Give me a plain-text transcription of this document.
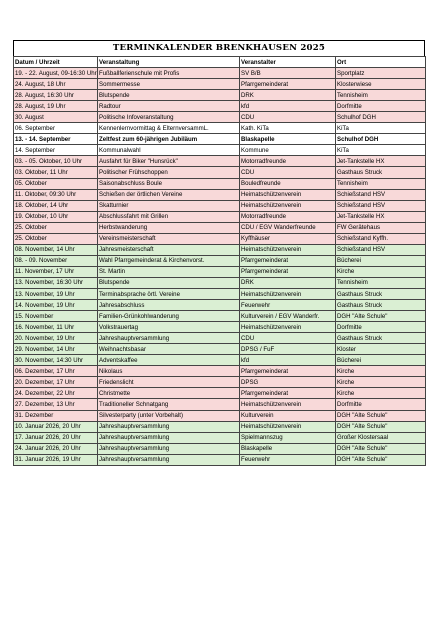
TERMINKALENDER BRENKHAUSEN 2025
Datum / Uhrzeit	Veranstaltung	Veranstalter	Ort
19. - 22. August, 09-16:30 Uhr	Fußballferienschule mit Profis	SV B/B	Sportplatz
24. August, 18 Uhr	Sommermesse	Pfarrgemeinderat	Klosterwiese
28. August, 16:30 Uhr	Blutspende	DRK	Tennisheim
28. August, 19 Uhr	Radtour	kfd	Dorfmitte
30. August	Politische Infoveranstaltung	CDU	Schulhof DGH
06. September	Kennenlernvormittag & ElternversammL.	Kath. KiTa	KiTa
13. - 14. September	Zeltfest zum 60-jährigen Jubiläum	Blaskapelle	Schulhof DGH
14. September	Kommunalwahl	Kommune	KiTa
03. - 05. Oktober, 10 Uhr	Ausfahrt für Biker "Hunsrück"	Motorradfreunde	Jet-Tankstelle HX
03. Oktober, 11 Uhr	Politischer Frühschoppen	CDU	Gasthaus Struck
05. Oktober	Saisonabschluss Boule	Bouledfreunde	Tennisheim
11. Oktober, 09:30 Uhr	Schießen der örtlichen Vereine	Heimatschützenverein	Schießstand HSV
18. Oktober, 14 Uhr	Skatturnier	Heimatschützenverein	Schießstand HSV
19. Oktober, 10 Uhr	Abschlussfahrt mit Grillen	Motorradfreunde	Jet-Tankstelle HX
25. Oktober	Herbstwanderung	CDU / EGV Wanderfreunde	FW Gerätehaus
25. Oktober	Vereinsmeisterschaft	Kyffhäuser	Schießstand Kyffh.
08. November, 14 Uhr	Jahresmeisterschaft	Heimatschützenverein	Schießstand HSV
08. - 09. November	Wahl Pfarrgemeinderat & Kirchenvorst.	Pfarrgemeinderat	Bücherei
11. November, 17 Uhr	St. Martin	Pfarrgemeinderat	Kirche
13. November, 16:30 Uhr	Blutspende	DRK	Tennisheim
13. November, 19 Uhr	Terminabsprache örtl. Vereine	Heimatschützenverein	Gasthaus Struck
14. November, 19 Uhr	Jahresabschluss	Feuerwehr	Gasthaus Struck
15. November	Familien-Grünkohlwanderung	Kulturverein / EGV Wanderfr.	DGH "Alte Schule"
16. November, 11 Uhr	Volkstrauertag	Heimatschützenverein	Dorfmitte
20. November, 19 Uhr	Jahreshauptversammlung	CDU	Gasthaus Struck
29. November, 14 Uhr	Weihnachtsbasar	DPSG / FuF	Kloster
30. November, 14:30 Uhr	Adventskaffee	kfd	Bücherei
06. Dezember, 17 Uhr	Nikolaus	Pfarrgemeinderat	Kirche
20. Dezember, 17 Uhr	Friedenslicht	DPSG	Kirche
24. Dezember, 22 Uhr	Christmette	Pfarrgemeinderat	Kirche
27. Dezember, 13 Uhr	Traditioneller Schnatgang	Heimatschützenverein	Dorfmitte
31. Dezember	Silvesterparty (unter Vorbehalt)	Kulturverein	DGH "Alte Schule"
10. Januar 2026, 20 Uhr	Jahreshauptversammlung	Heimatschützenverein	DGH "Alte Schule"
17. Januar 2026, 20 Uhr	Jahreshauptversammlung	Spielmannszug	Großer Klostersaal
24. Januar 2026, 20 Uhr	Jahreshauptversammlung	Blaskapelle	DGH "Alte Schule"
31. Januar 2026, 19 Uhr	Jahreshauptversammlung	Feuerwehr	DGH "Alte Schule"
